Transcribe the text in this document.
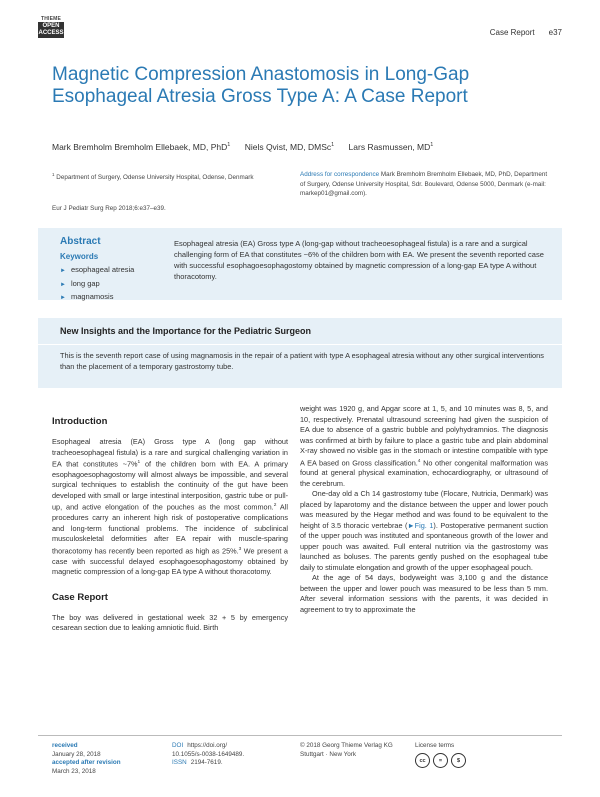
THIEME
OPEN
ACCESS	Case Report e37
Magnetic Compression Anastomosis in Long-Gap Esophageal Atresia Gross Type A: A Case Report
Mark Bremholm Bremholm Ellebaek, MD, PhD$^1$ Niels Qvist, MD, DMSc$^1$ Lars Rasmussen, $MD^1$
$^1$ Department of Surgery, Odense University Hospital, Odense, Denmark
Eur J Pediatr Surg Rep 2018;6:e37–e39.
Address for correspondence Mark Bremholm Bremholm Ellebaek, MD, PhD, Department of Surgery, Odense University Hospital, Sdr. Boulevard, Odense 5000, Denmark (e-mail: markep01@gmail.com).
Abstract
Keywords
► esophageal atresia
► long gap
► magnamosis

Esophageal atresia (EA) Gross type A (long-gap without tracheoesophageal fistula) is a rare and a surgical challenging form of EA that constitutes ~6% of the children born with EA. We present the seventh reported case with successful esophagoesophagostomy obtained by magnetic compression of a long-gap EA type A without thoracotomy.

New Insights and the Importance for the Pediatric Surgeon

This is the seventh report case of using magnamosis in the repair of a patient with type A esophageal atresia without any other surgical interventions than the placement of a temporary gastrostomy tube.

Introduction

Esophageal atresia (EA) Gross type A (long gap without tracheoesophageal fistula) is a rare and surgical challenging variation in EA that constitutes ~7%$^1$ of the children born with EA. A primary esophagoesophagostomy will almost always be impossible, and several surgical techniques to establish the continuity of the gut have been developed with small or large intestinal interposition, gastric tube or pull-up, and active elongation of the pouches as the most common.$^2$ All procedures carry an inherent high risk of postoperative complications and long-term functional problems. The incidence of subclinical musculoskeletal deformities after EA repair with muscle-sparing thoracotomy has recently been reported as high as 25%.$^3$ We present a case with successful delayed esophagoesophagostomy obtained by magnetic compression of a long-gap EA type A without thoracotomy.

Case Report

The boy was delivered in gestational week 32 + 5 by emergency cesarean section due to leaking amniotic fluid. Birth

weight was 1920 g, and Apgar score at 1, 5, and 10 minutes was 8, 5, and 10, respectively. Prenatal ultrasound screening had given the suspicion of EA due to absence of a gastric bubble and polyhydramnios. The diagnosis was confirmed at birth by failure to place a gastric tube and plain abdominal X-ray showed no visible gas in the stomach or intestine compatible with type A EA based on Gross classification.$^4$ No other congenital malformation was found at general physical examination, echocardiography, or ultrasound of the cerebrum.

One-day old a Ch 14 gastrostomy tube (Flocare, Nutricia, Denmark) was placed by laparotomy and the distance between the upper and lower pouch was measured by the Hegar method and was found to be equivalent to the height of 3.5 thoracic vertebrae (►Fig. 1). Postoperative permanent suction of the upper pouch was instituted and spontaneous growth of the lower and upper pouch was awaited. Full enteral nutrition via the gastrostomy was launched as boluses. The parents gently pushed on the esophageal tube daily to stimulate elongation and growth of the upper esophageal pouch.

At the age of 54 days, bodyweight was 3,100 g and the distance between the upper and lower pouch was measured to be less than 5 mm. After several information sessions with the parents, it was decided in agreement to try to approximate the

received
January 28, 2018
accepted after revision
March 23, 2018
DOI https://doi.org/
10.1055/s-0038-1649489.
ISSN 2194-7619.
© 2018 Georg Thieme Verlag KG
Stuttgart · New York
License terms
cc	=	$
